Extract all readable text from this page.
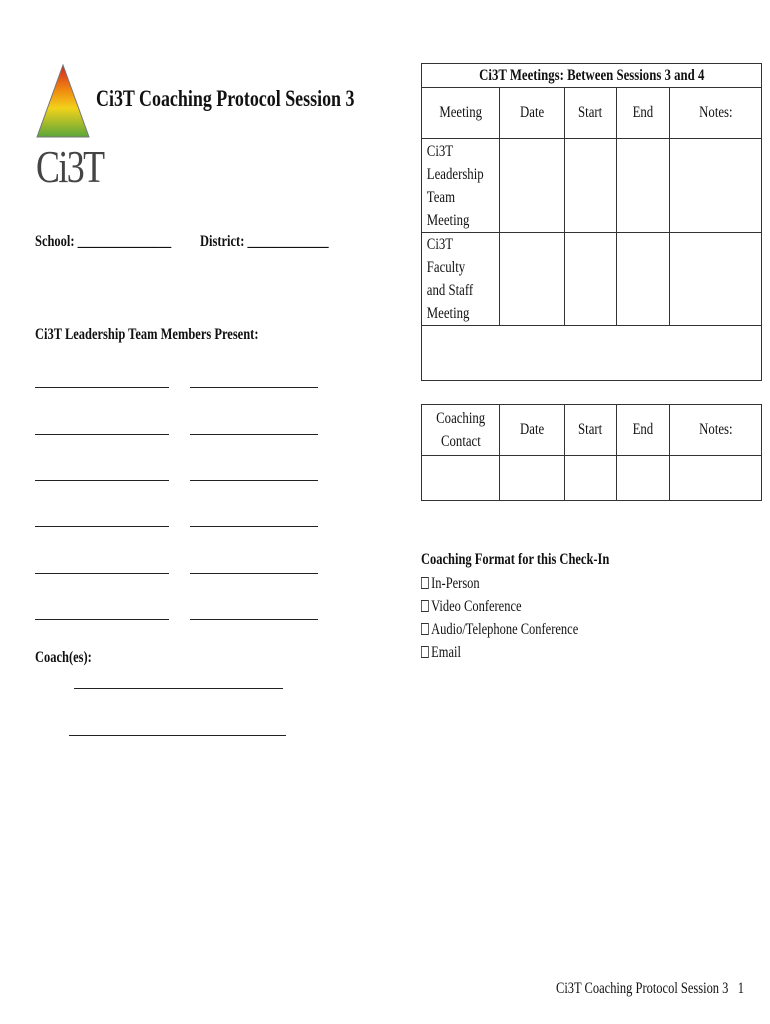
Ci3T
Ci3T Coaching Protocol Session 3
School: _______________ District: _____________
Ci3T Leadership Team Members Present:
Coach(es):
Ci3T Meetings: Between Sessions 3 and 4				
Meeting	Date	Start	End	Notes:

Ci3T
Leadership
Team
Meeting				

Ci3T Faculty
and Staff
Meeting				

Coaching
Contact	Date	Start	End	Notes:

Coaching Format for this Check-In
In-Person
Video Conference
Audio/Telephone Conference
Email
Ci3T Coaching Protocol Session 3 1
